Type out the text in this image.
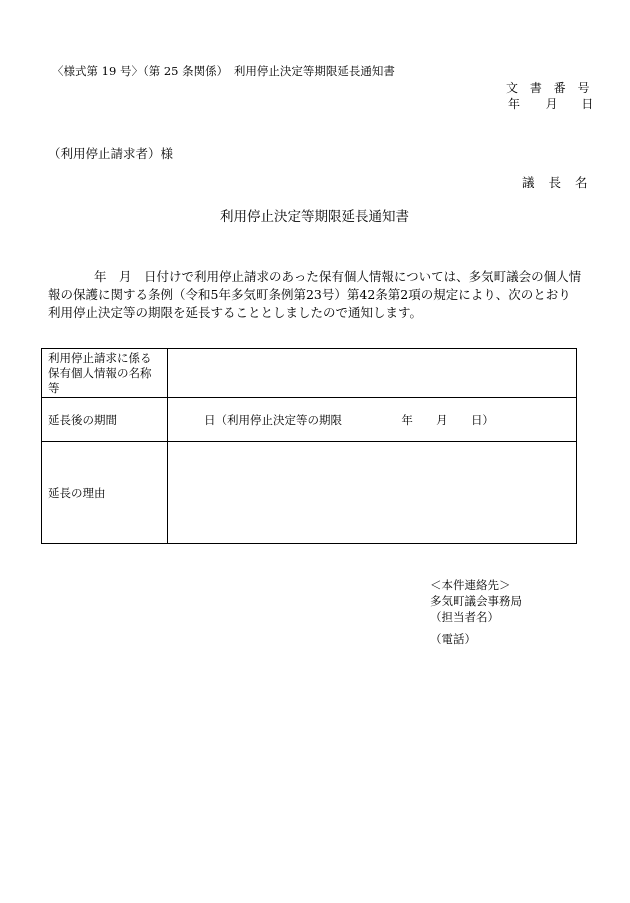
〈様式第 19 号〉（第 25 条関係）　利用停止決定等期限延長通知書
文 書 番 号
年 月 日
（利用停止請求者）様
議 長 名
利用停止決定等期限延長通知書
年　月　日付けで利用停止請求のあった保有個人情報については、多気町議会の個人情報の保護に関する条例（令和5年多気町条例第23号）第42条第2項の規定により、次のとおり利用停止決定等の期限を延長することとしましたので通知します。
利用停止請求に係る保有個人情報の名称等	
延長後の期間	日（利用停止決定等の期限 年 月 日）
延長の理由	
＜本件連絡先＞
多気町議会事務局
（担当者名）
（電話）
